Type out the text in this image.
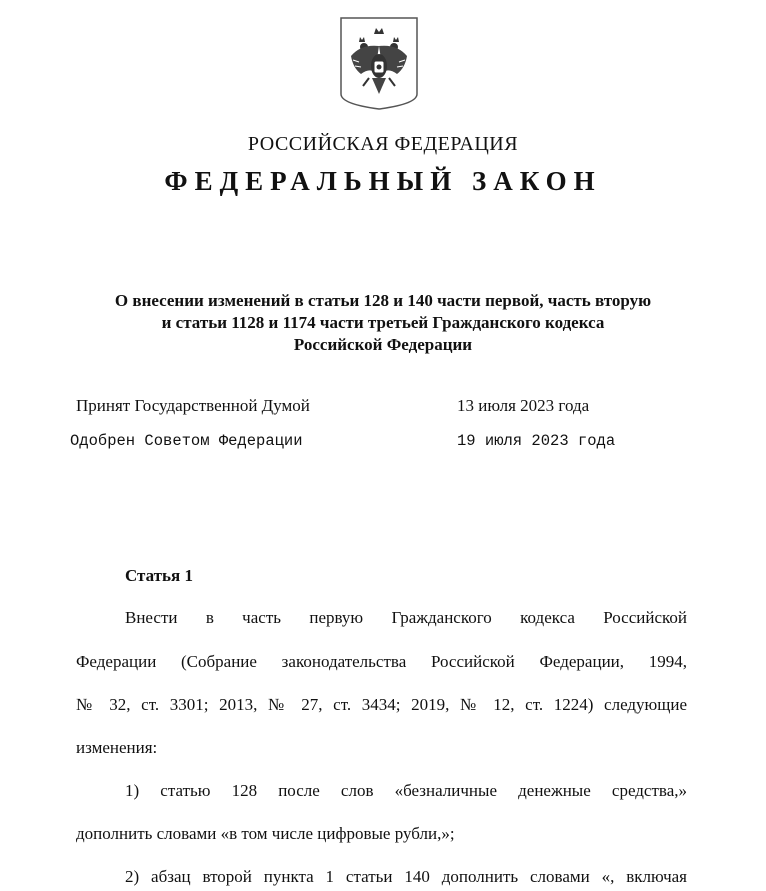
РОССИЙСКАЯ ФЕДЕРАЦИЯ
ФЕДЕРАЛЬНЫЙ ЗАКОН
О внесении изменений в статьи 128 и 140 части первой, часть вторую
и статьи 1128 и 1174 части третьей Гражданского кодекса
Российской Федерации
Принят Государственной Думой	13 июля 2023 года
Одобрен Советом Федерации	19 июля 2023 года
Статья 1
Внести в часть первую Гражданского кодекса Российской
Федерации (Собрание законодательства Российской Федерации, 1994,
№ 32, ст. 3301; 2013, № 27, ст. 3434; 2019, № 12, ст. 1224) следующие
изменения:
1) статью 128 после слов «безналичные денежные средства,»
дополнить словами «в том числе цифровые рубли,»;
2) абзац второй пункта 1 статьи 140 дополнить словами «, включая
